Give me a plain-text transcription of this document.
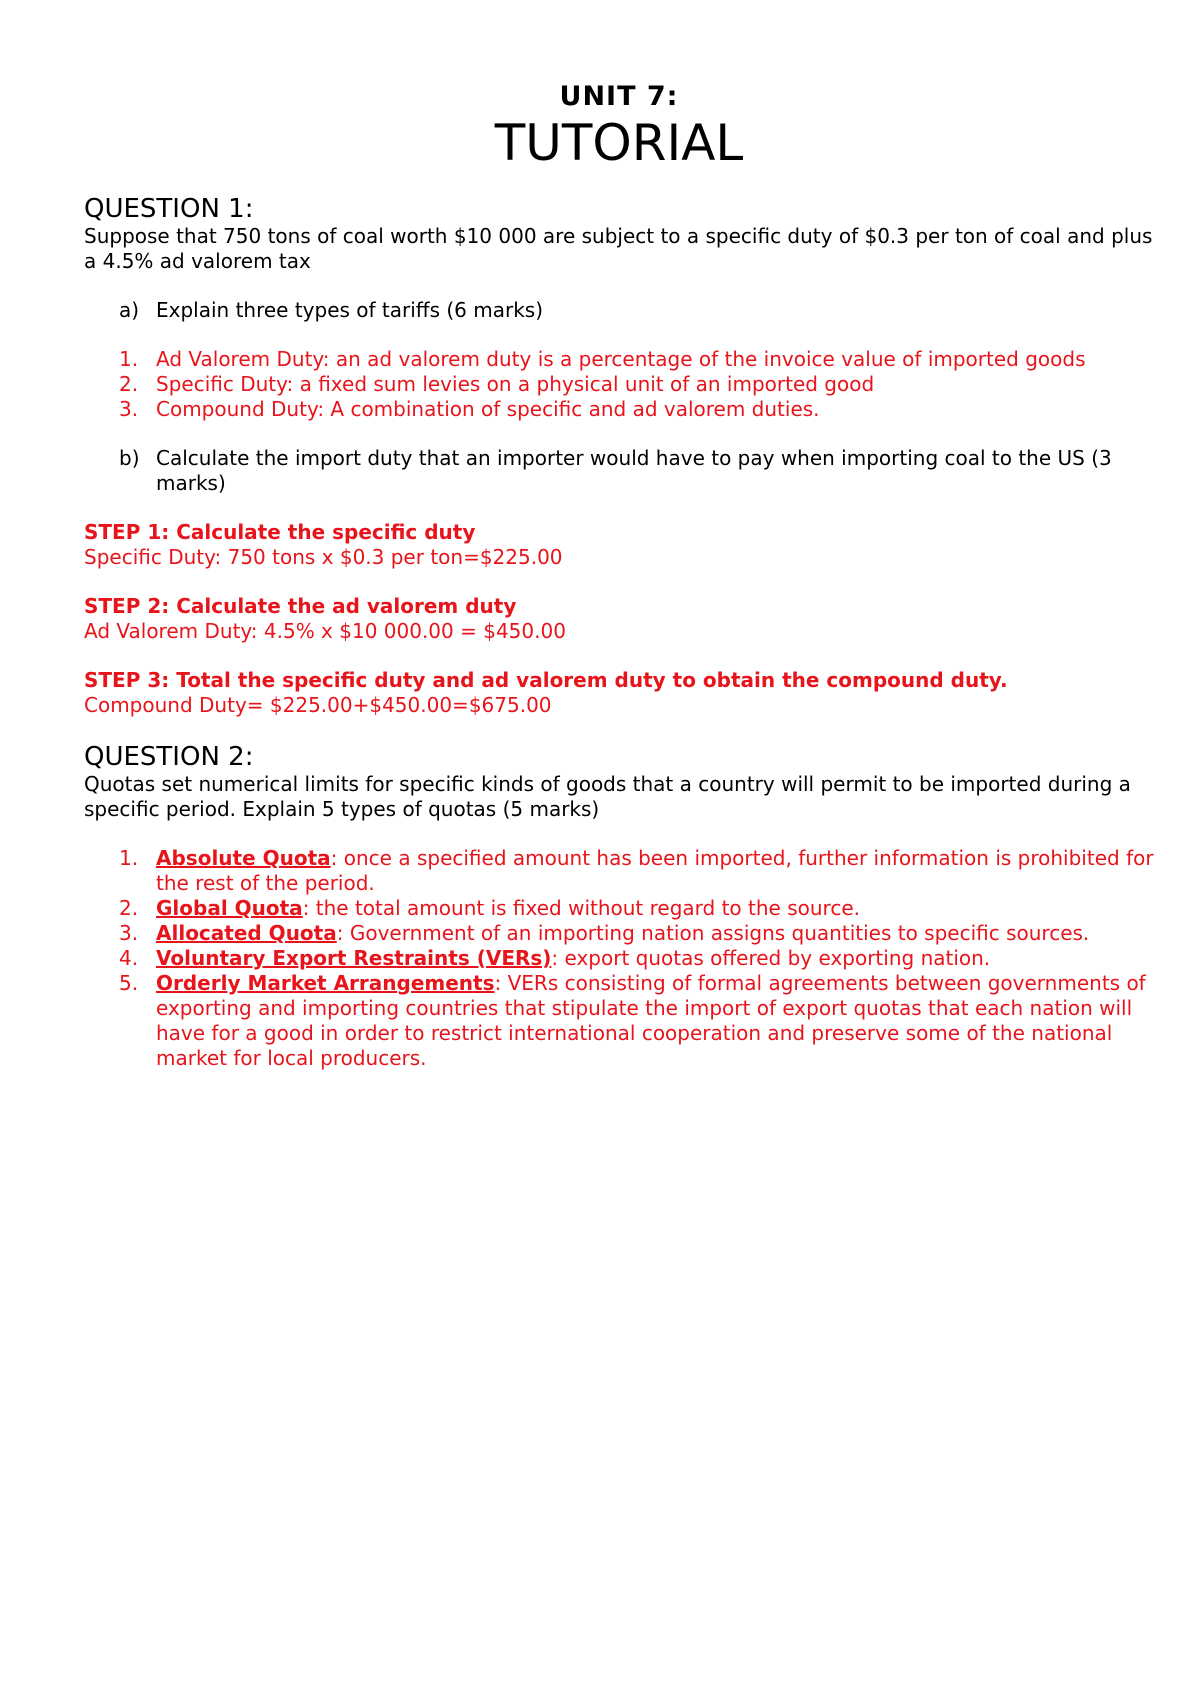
UNIT 7:
TUTORIAL
QUESTION 1:

Suppose that 750 tons of coal worth $10 000 are subject to a specific duty of $0.3 per ton of coal and plus a 4.5% ad valorem tax

a) Explain three types of tariffs (6 marks)
1. Ad Valorem Duty: an ad valorem duty is a percentage of the invoice value of imported goods
2. Specific Duty: a fixed sum levies on a physical unit of an imported good
3. Compound Duty: A combination of specific and ad valorem duties.
b) Calculate the import duty that an importer would have to pay when importing coal to the US (3 marks)
STEP 1: Calculate the specific duty
Specific Duty: 750 tons x $0.3 per ton=$225.00
STEP 2: Calculate the ad valorem duty
Ad Valorem Duty: 4.5% x $10 000.00 = $450.00
STEP 3: Total the specific duty and ad valorem duty to obtain the compound duty.
Compound Duty= $225.00+$450.00=$675.00
QUESTION 2:

Quotas set numerical limits for specific kinds of goods that a country will permit to be imported during a specific period. Explain 5 types of quotas (5 marks)

1. Absolute Quota: once a specified amount has been imported, further information is prohibited for the rest of the period.
2. Global Quota: the total amount is fixed without regard to the source.
3. Allocated Quota: Government of an importing nation assigns quantities to specific sources.
4. Voluntary Export Restraints (VERs): export quotas offered by exporting nation.
5. Orderly Market Arrangements: VERs consisting of formal agreements between governments of exporting and importing countries that stipulate the import of export quotas that each nation will have for a good in order to restrict international cooperation and preserve some of the national market for local producers.
